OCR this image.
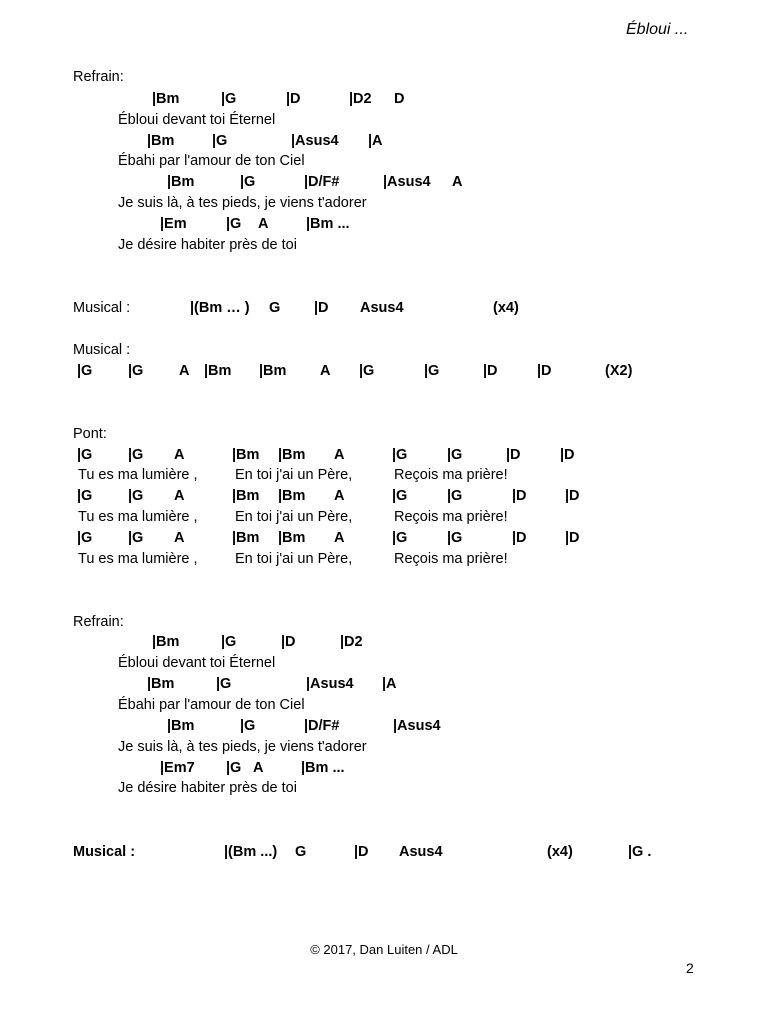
Ébloui ...
Refrain:
|Bm	|G	|D	|D2 D
Ébloui devant toi Éternel
|Bm	|G	|Asus4 |A
Ébahi par l'amour de ton Ciel
|Bm	|G	|D/F#	|Asus4 A
Je suis là, à tes pieds, je viens t'adorer
|Em	|G A	|Bm ...
Je désire habiter près de toi
Musical :	|(Bm … ) G |D Asus4	(x4)
Musical :
|G |G A |Bm |Bm A |G	|G	|D	|D	(X2)
Pont:
|G |G A	|Bm |Bm A	|G	|G	|D	|D
Tu es ma lumière ,	En toi j'ai un Père,	Reçois ma prière!
|G |G A	|Bm |Bm A	|G	|G	|D	|D
Tu es ma lumière ,	En toi j'ai un Père,	Reçois ma prière!
|G |G A	|Bm |Bm A	|G	|G	|D	|D
Tu es ma lumière ,	En toi j'ai un Père,	Reçois ma prière!
Refrain:
|Bm	|G	|D	|D2
Ébloui devant toi Éternel
|Bm	|G	|Asus4 |A
Ébahi par l'amour de ton Ciel
|Bm	|G	|D/F#	|Asus4
Je suis là, à tes pieds, je viens t'adorer
|Em7 |G A	|Bm ...
Je désire habiter près de toi
Musical :	|(Bm ...) G	|D Asus4	(x4)	|G .
© 2017, Dan Luiten / ADL
2
